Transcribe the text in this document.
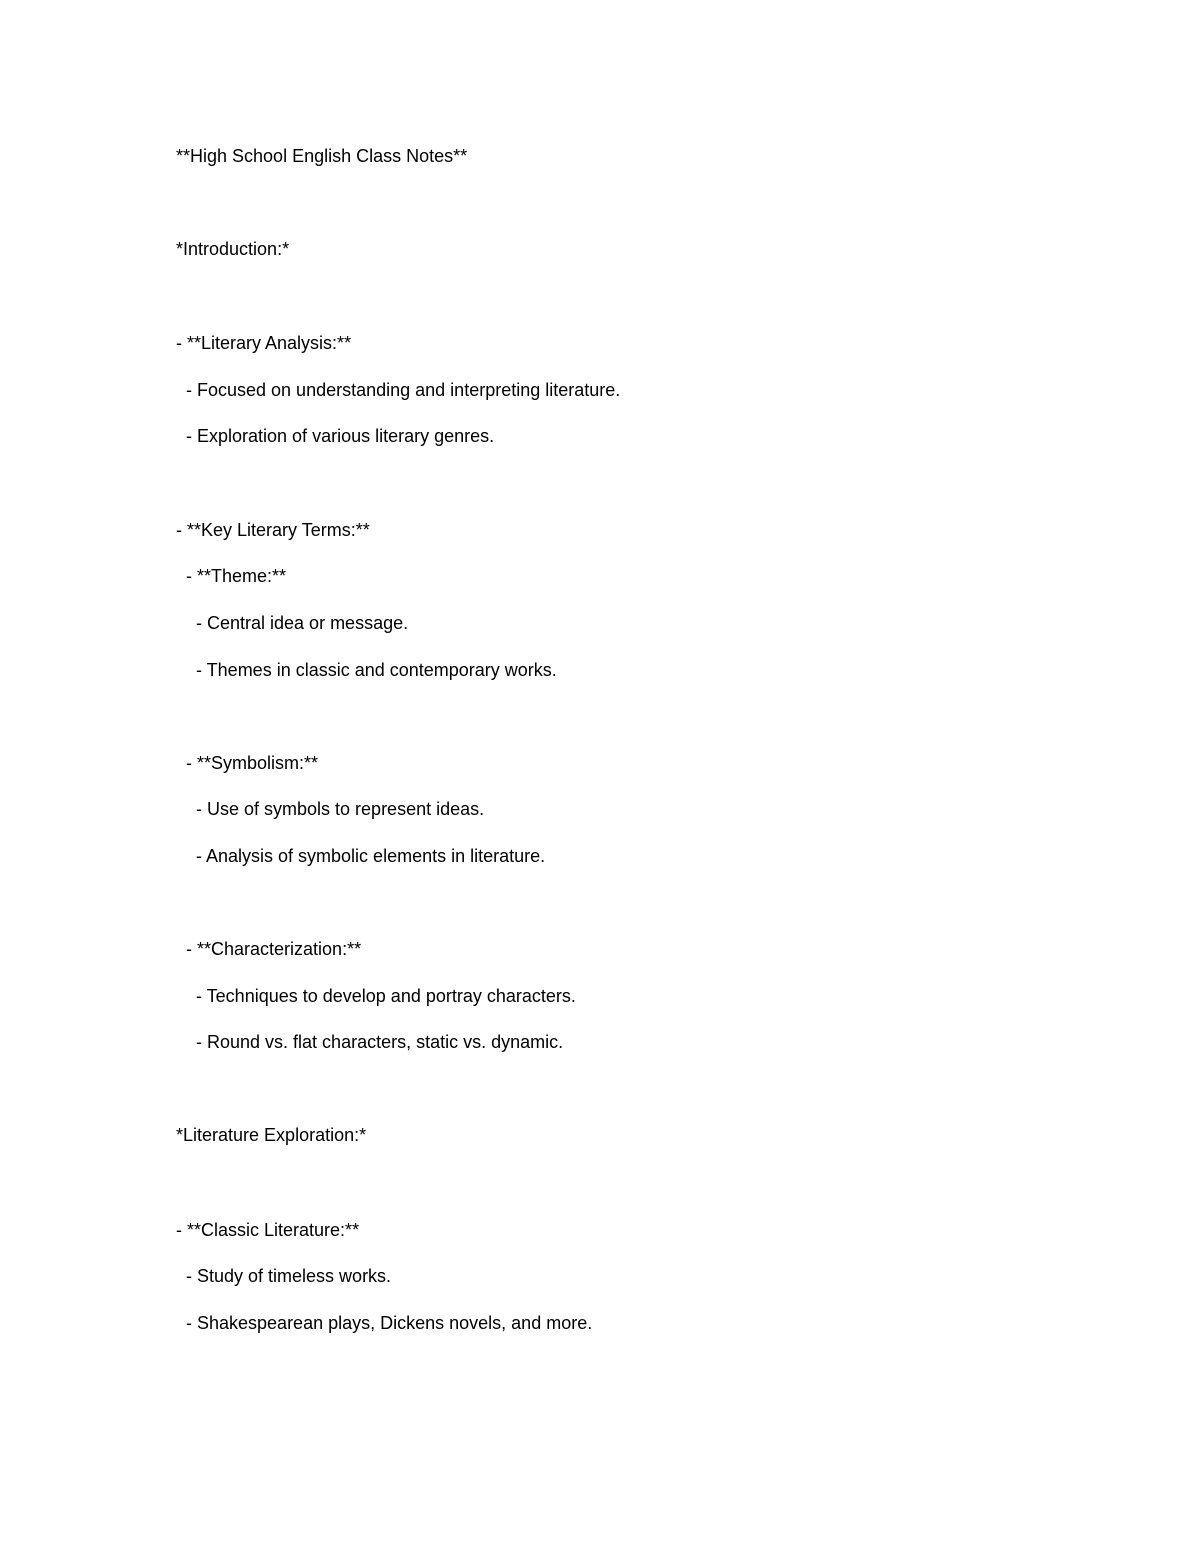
**High School English Class Notes**
*Introduction:*
- **Literary Analysis:**
- Focused on understanding and interpreting literature.
- Exploration of various literary genres.
- **Key Literary Terms:**
- **Theme:**
- Central idea or message.
- Themes in classic and contemporary works.
- **Symbolism:**
- Use of symbols to represent ideas.
- Analysis of symbolic elements in literature.
- **Characterization:**
- Techniques to develop and portray characters.
- Round vs. flat characters, static vs. dynamic.
*Literature Exploration:*
- **Classic Literature:**
- Study of timeless works.
- Shakespearean plays, Dickens novels, and more.
